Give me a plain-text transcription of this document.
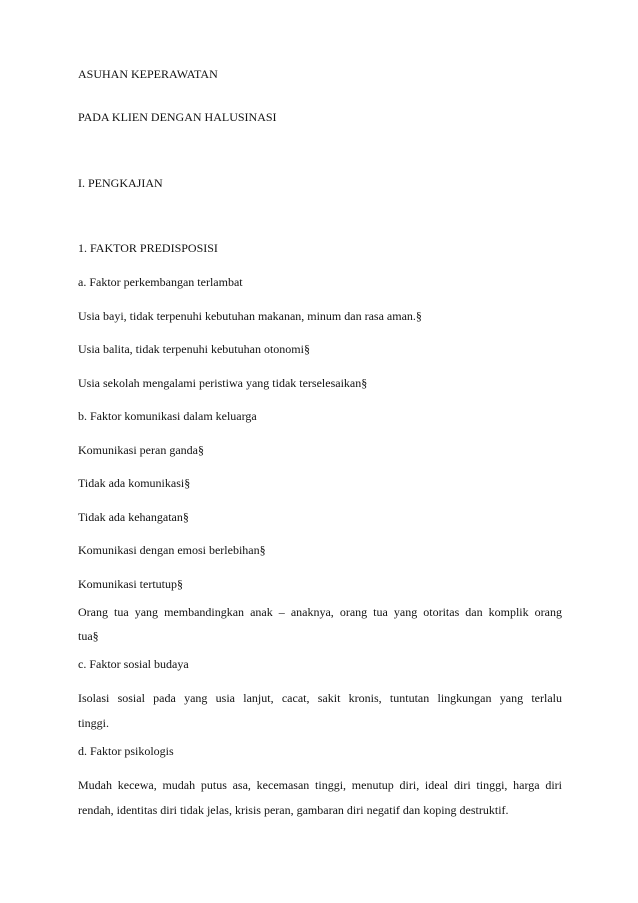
ASUHAN KEPERAWATAN
PADA KLIEN DENGAN HALUSINASI
I. PENGKAJIAN
1. FAKTOR PREDISPOSISI
a. Faktor perkembangan terlambat
Usia bayi, tidak terpenuhi kebutuhan makanan, minum dan rasa aman.§
Usia balita, tidak terpenuhi kebutuhan otonomi§
Usia sekolah mengalami peristiwa yang tidak terselesaikan§
b. Faktor komunikasi dalam keluarga
Komunikasi peran ganda§
Tidak ada komunikasi§
Tidak ada kehangatan§
Komunikasi dengan emosi berlebihan§
Komunikasi tertutup§
Orang tua yang membandingkan anak – anaknya, orang tua yang otoritas dan komplik orang
tua§
c. Faktor sosial budaya
Isolasi sosial pada yang usia lanjut, cacat, sakit kronis, tuntutan lingkungan yang terlalu
tinggi.
d. Faktor psikologis
Mudah kecewa, mudah putus asa, kecemasan tinggi, menutup diri, ideal diri tinggi, harga diri
rendah, identitas diri tidak jelas, krisis peran, gambaran diri negatif dan koping destruktif.
